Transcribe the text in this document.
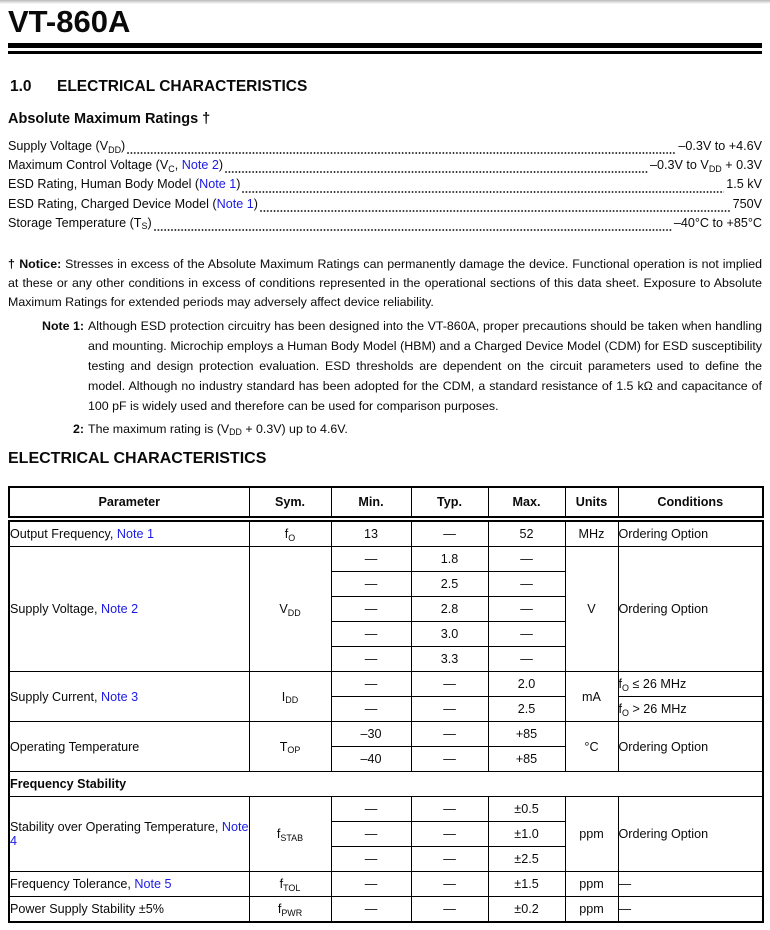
VT-860A
1.0	ELECTRICAL CHARACTERISTICS
Absolute Maximum Ratings †
Supply Voltage $(V_{DD})$	–0.3V to +4.6V
Maximum Control Voltage ($V_C$, Note 2)	–0.3V to $V_{DD} + 0.3V$
ESD Rating, Human Body Model (Note 1)	1.5 kV
ESD Rating, Charged Device Model (Note 1)	750V
Storage Temperature $(T_S)$	–40°C to +85°C
† Notice: Stresses in excess of the Absolute Maximum Ratings can permanently damage the device. Functional operation is not implied at these or any other conditions in excess of conditions represented in the operational sections of this data sheet. Exposure to Absolute Maximum Ratings for extended periods may adversely affect device reliability.
Note 1: Although ESD protection circuitry has been designed into the VT-860A, proper precautions should be taken when handling and mounting. Microchip employs a Human Body Model (HBM) and a Charged Device Model (CDM) for ESD susceptibility testing and design protection evaluation. ESD thresholds are dependent on the circuit parameters used to define the model. Although no industry standard has been adopted for the CDM, a standard resistance of 1.5 kΩ and capacitance of 100 pF is widely used and therefore can be used for comparison purposes.
2: The maximum rating is $(V_{DD} + 0.3V)$ up to 4.6V.
ELECTRICAL CHARACTERISTICS
Parameter	Sym.	Min.	Typ.	Max.	Units	Conditions
Output Frequency, Note 1	$f_O$	13	—	52	MHz	Ordering Option
Supply Voltage, Note 2	$V_{DD}$	—	1.8	—	V	Ordering Option
		—	2.5	—		
		—	2.8	—		
		—	3.0	—		
		—	3.3	—		
Supply Current, Note 3	$I_{DD}$	—	—	2.0	mA	$f_O \le 26$ MHz
		—	—	2.5		$f_O > 26$ MHz
Operating Temperature	$T_{OP}$	–30	—	+85	°C	Ordering Option
		–40	—	+85		
Frequency Stability						
Stability over Operating Temperature, Note 4	$f_{STAB}$	—	—	±0.5	ppm	Ordering Option
		—	—	±1.0		
		—	—	±2.5		
Frequency Tolerance, Note 5	$f_{TOL}$	—	—	±1.5	ppm	—
Power Supply Stability ±5%	$f_{PWR}$	—	—	±0.2	ppm	—
